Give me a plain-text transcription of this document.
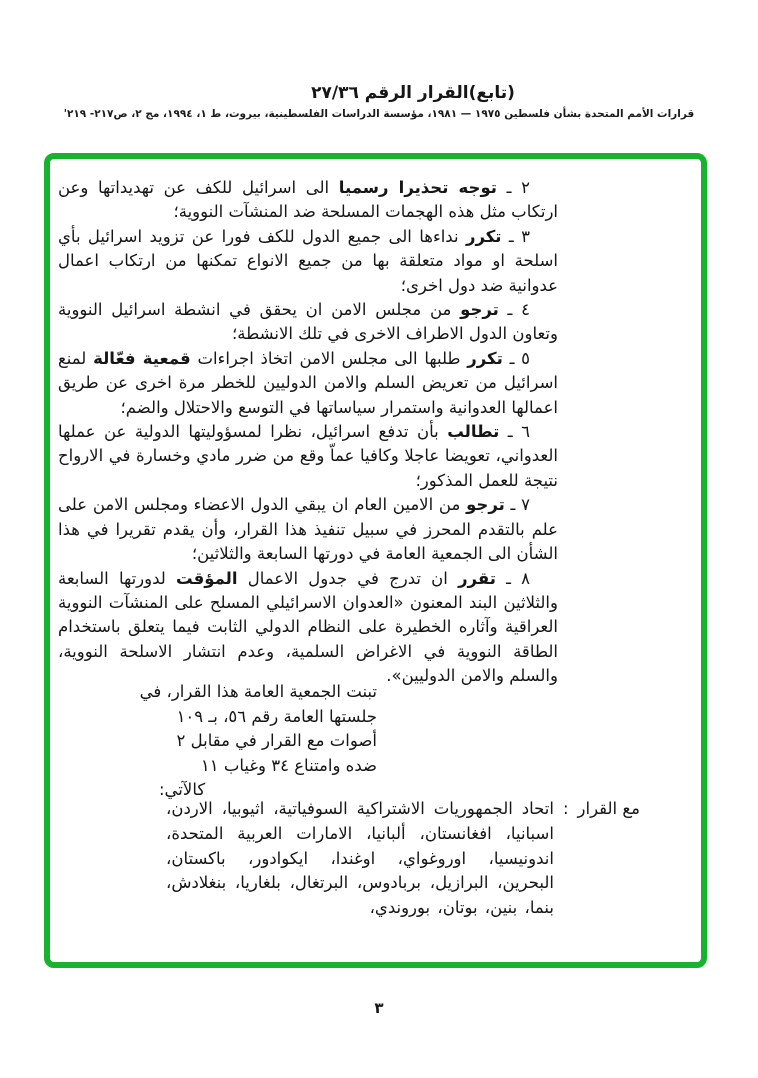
(تابع)القرار الرقم ٢٧/٣٦
قرارات الأمم المتحدة بشأن فلسطين ١٩٧٥ — ١٩٨١، مؤسسة الدراسات الفلسطينية، بيروت، ط ١، ١٩٩٤، مج ٢، ص٢١٧- ٢١٩'

٢ ـ توجه تحذيرا رسميا الى اسرائيل للكف عن تهديداتها وعن ارتكاب مثل هذه الهجمات المسلحة ضد المنشآت النووية؛

٣ ـ تكرر نداءها الى جميع الدول للكف فورا عن تزويد اسرائيل بأي اسلحة او مواد متعلقة بها من جميع الانواع تمكنها من ارتكاب اعمال عدوانية ضد دول اخرى؛

٤ ـ ترجو من مجلس الامن ان يحقق في انشطة اسرائيل النووية وتعاون الدول الاطراف الاخرى في تلك الانشطة؛

٥ ـ تكرر طلبها الى مجلس الامن اتخاذ اجراءات قمعية فعّالة لمنع اسرائيل من تعريض السلم والامن الدوليين للخطر مرة اخرى عن طريق اعمالها العدوانية واستمرار سياساتها في التوسع والاحتلال والضم؛

٦ ـ تطالب بأن تدفع اسرائيل، نظرا لمسؤوليتها الدولية عن عملها العدواني، تعويضا عاجلا وكافيا عماّ وقع من ضرر مادي وخسارة في الارواح نتيجة للعمل المذكور؛

٧ ـ ترجو من الامين العام ان يبقي الدول الاعضاء ومجلس الامن على علم بالتقدم المحرز في سبيل تنفيذ هذا القرار، وأن يقدم تقريرا في هذا الشأن الى الجمعية العامة في دورتها السابعة والثلاثين؛

٨ ـ تقرر ان تدرج في جدول الاعمال المؤقت لدورتها السابعة والثلاثين البند المعنون «العدوان الاسرائيلي المسلح على المنشآت النووية العراقية وآثاره الخطيرة على النظام الدولي الثابت فيما يتعلق باستخدام الطاقة النووية في الاغراض السلمية، وعدم انتشار الاسلحة النووية، والسلم والامن الدوليين».

تبنت الجمعية العامة هذا القرار، في
جلستها العامة رقم ٥٦، بـ ١٠٩
أصوات مع القرار في مقابل ٢
ضده وامتناع ٣٤ وغياب ١١
كالآتي:
مع القرار
:
اتحاد الجمهوريات الاشتراكية السوفياتية، اثيوبيا، الاردن، اسبانيا، افغانستان، ألبانيا، الامارات العربية المتحدة، اندونيسيا، اوروغواي، اوغندا، ايكوادور، باكستان، البحرين، البرازيل، بربادوس، البرتغال، بلغاريا، بنغلادش، بنما، بنين، بوتان، بوروندي،
٣
